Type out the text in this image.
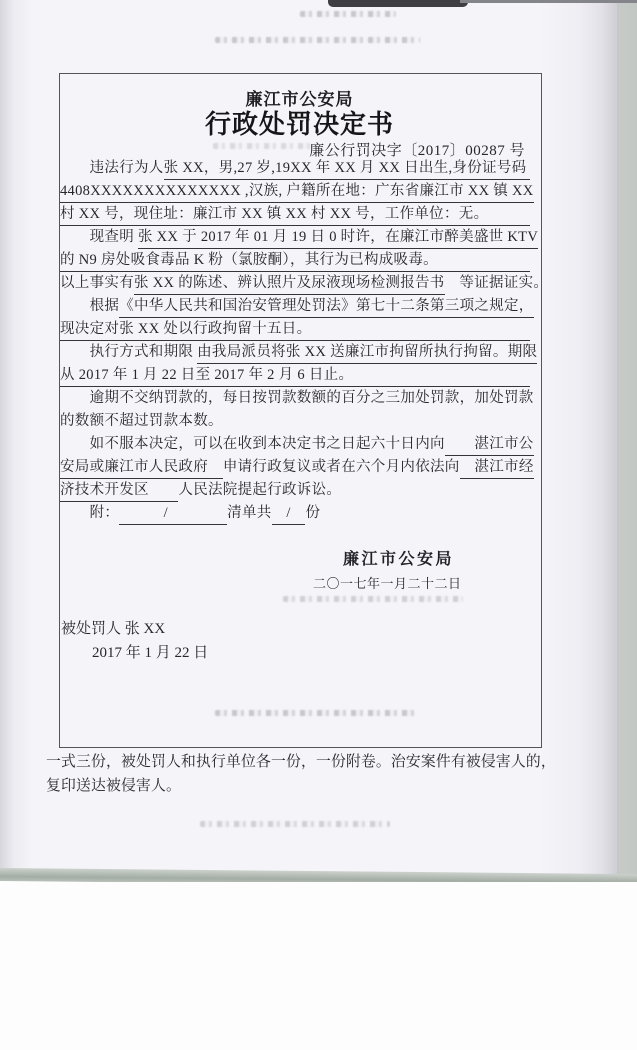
廉江市公安局
行政处罚决定书
廉公行罚决字〔2017〕00287 号
　　违法行为人 张 XX，男,27 岁,19XX 年 XX 月 XX 日出生,身份证号码
4408XXXXXXXXXXXXXX ,汉族, 户籍所在地：广东省廉江市 XX 镇 XX
村 XX 号，现住址：廉江市 XX 镇 XX 村 XX 号，工作单位：无。
　　现查明 张 XX 于 2017 年 01 月 19 日 0 时许，在廉江市醉美盛世 KTV
的 N9 房处吸食毒品 K 粉（氯胺酮），其行为已构成吸毒。
以上事实有 张 XX 的陈述、辨认照片及尿液现场检测报告书 　等证据证实。
　　根据 《中华人民共和国治安管理处罚法》第七十二条第三项之规定，
现决定对张 XX 处以行政拘留十五日。
　　执行方式和期限 由我局派员将张 XX 送廉江市拘留所执行拘留。期限
从 2017 年 1 月 22 日至 2017 年 2 月 6 日止。
　　逾期不交纳罚款的，每日按罚款数额的百分之三加处罚款，加处罚款
的数额不超过罚款本数。
　　如不服本决定，可以在收到本决定书之日起六十日内向 　　湛江市公
安局或廉江市人民政府　 申请行政复议或者在六个月内依法向 　湛江市经
济技术开发区　　 人民法院提起行政诉讼。
　　附： 　　　/　　　　 清单共 　/　 份
廉江市公安局
二〇一七年一月二十二日
被处罚人 张 XX
2017 年 1 月 22 日
一式三份，被处罚人和执行单位各一份，一份附卷。治安案件有被侵害人的，
复印送达被侵害人。
